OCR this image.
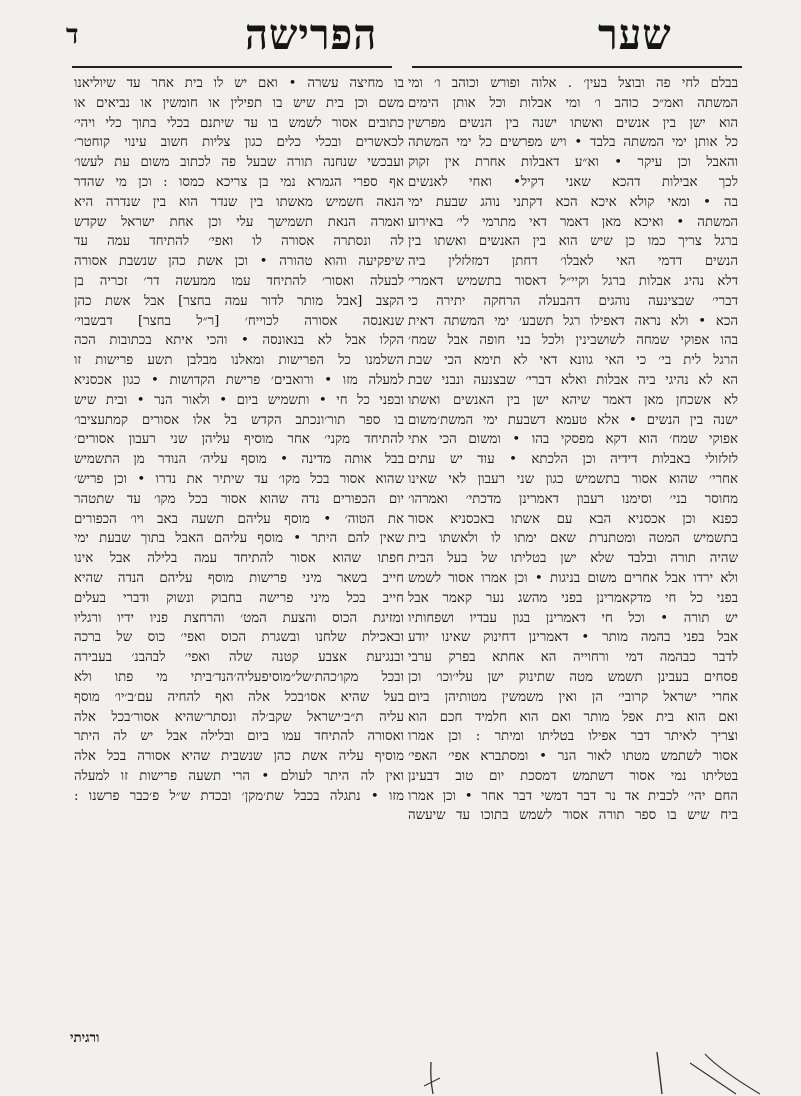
ד	הפרישה	שער
בו מחיצה עשרה • ואם יש לו בית אחר עד שיוליאנו
משם וכן בית שיש בו תפילין או חומשין או נביאים או
כתובים אסור לשמש בו עד שיתנם בכלי בתוך כלי ויהי׳
לכאשרים ובכלי כלים כגון צליות חשוב עינוי קוחטר׳
ועבכשי שנחנה תורה שבעל פה לכתוב משום עת לעשו׳
אף ספרי הגמרא נמי בן צריכא כמסו : וכן מי שהדר
הנאה חשמיש מאשתו בין שנדר הוא בין שנדרה היא
ואמרה הנאת תשמישך עלי וכן אחת ישראל שקדש
לה ונסתרה אסורה לו ואפי׳ להתיחד עמה עד
שיפקיעה והוא טהורה • וכן אשת כהן שנשבת אסורה
לבעלה ואסור׳ להתיחד עמו ממעשה דר׳ זכריה בן
הקצב [אבל מותר לדור עמה בחצר] אבל אשת כהן
שנאנסה אסורה לכוייח׳ [ר״ל בחצר] דבשבוי׳
הקלו אבל לא בנאונסה • והכי איתא בכתובות הכה
השלמנו כל הפרישות ומאלנו מבלבן תשע פרישות זו
למעלה מזו • ורואבים׳ פרישת הקדושות • כגון אכסניא
ובפני כל חי • ותשמיש ביום • ולאור הנר • ובית שיש
בו ספר תור׳ונכתב הקדש בל אלו אסורים קמתעציבו׳
להתיחד מקני׳ אחר מוסיף עליהן שני רעבון אסורים׳
בבל אותה מדינה • מוסף עליה׳ הנודר מן התשמיש
שהוא אסור בכל מקו׳ עד שיתיר את נדרו • וכן פריש׳
יום הכפורים נדה שהוא אסור בכל מקו׳ עד שתטהר
את הטוה׳ • מוסף עליהם תשעה באב ויו׳ הכפורים
שאין להם היתר • מוסף עליהם האבל בתוך שבעת ימי
חפתו שהוא אסור להתיחד עמה בלילה אבל אינו
חייב בשאר מיני פרישות מוסף עליהם הנדה שהיא
חייב בכל מיני פרישה בחבוק ונשוק ודברי בעלים
ומזיגת הכוס והצעת המט׳ והרחצת פניו ידיו ורגליו
ובאכילת שלחנו ובשגרת הכוס ואפי׳ כוס של ברכה
ובנגיעת אצבע קטנה שלה ואפי׳ לבהבנ׳ בעבירה
ובכל מקו׳כהת׳של״מוסיפעליה׳הנד׳ביתי מי פתו ולא
בעל שהיא אסו׳בכל אלה ואף להחיה עם׳ב׳יו׳ מוסף
עליה ת״ב׳ישראל שקב׳לה ונסתר׳שהיא אסור׳בכל אלה
ואסורה להתיחד עמו ביום ובלילה אבל יש לה היתר
מוסיף עליה אשת כהן שנשבית שהיא אסורה בכל אלה
ואין לה היתר לעולם • הרי תשעה פרישות זו למעלה
מזו • נתגלה בכבל שת׳מקן׳ ובכדת ש״ל פ׳כבר פרשנו :
בבלם לחי פה ובוצל בעין׳ . אלוה ופורש וכוהב ו׳ ומי
המשתה ואמ״כ כוהב ו׳ ומי אבלות וכל אותן הימים
הוא ישן בין אנשים ואשתו ישנה בין הנשים מפרשין
כל אותן ימי המשתה בלבד • ויש מפרשים כל ימי המשתה
והאבל וכן עיקר • וא״ע דאבלות אחרת אין זקוק
לכך אבילות דהכא שאני דקיל• ואחי לאנשים
בה • ומאי קולא איכא הכא דקתני נוהג שבעת ימי
המשתה • ואיכא מאן דאמר דאי מתרמי לי׳ באירוע
ברגל צריך כמו כן שיש הוא בין האנשים ואשתו בין
הנשים דדמי האי לאבלו׳ דחתן דמזלזלין ביה
דלא נהיג אבלות ברגל וקיי״ל דאסור בתשמיש דאמרי׳
דברי׳ שבצינעה נוהגים דהבעלה הרחקה יתירה כי
הכא • ולא נראה דאפילו רגל תשבע׳ ימי המשתה דאית
בהו אפוקי שמחה לשושבינין ולכל בני חופה אבל שמח׳
הרגל לית בי׳ כי האי גוונא דאי לא תימא הכי שבת
הא לא נהיגי ביה אבלות ואלא דברי׳ שבצנעה ונבני שבת
לא אשכחן מאן דאמר שיהא ישן בין האנשים ואשתו
ישנה בין הנשים • אלא טעמא דשבעת ימי המשת׳משום
אפוקי שמח׳ הוא דקא מפסקי בהו • ומשום הכי אתי
לזלזולי באבלות דידיה וכן הלכתא • עוד יש עתים
אחרי׳ שהוא אסור בתשמיש כגון שני רעבון לאי שאינו
מחוסר בני׳ וסימנו רעבון דאמרינן מדכתי׳ ואמרהו׳
כפנא וכן אכסניא הבא עם אשתו באכסניא אסור
בתשמיש המטה ומטתנרת שאם ימתו לו ולאשתו בית
שהיה תורה ובלבד שלא ישן בטליתו של בעל הבית
ולא ירדו אבל אחרים משום בניגות • וכן אמרו אסור לשמש
בפני כל חי מדקאמרינן בפני מהשג נער קאמר אבל
יש תורה • וכל חי דאמרינן בגון עבדיו ושפחותיו
אבל בפני בהמה מותר • דאמרינן דחינוק שאינו יודע
לדבר כבהמה דמי ורחוייה הא אחתא בפרק ערבי
פסחים בעבינן תשמש מטה שתינוק ישן עלי׳וכו׳ וכן
אחרי ישראל קרובי׳ הן ואין משמשין מטותיהן ביום
ואם הוא בית אפל מותר ואם הוא חלמיד חכם הוא
וצריך לאיתר דבר אפילו בטליתו ומיתר : וכן אמרו
אסור לשתמש מטתו לאור הנר • ומסתברא אפי׳ האפי׳
בטליתו נמי אסור דשתמש דמסכת יום טוב דבעינן
החם יהי׳ לכבית אד נר דבר דמשי דבר אחר • וכן אמרו
ביח שיש בו ספר תורה אסור לשמש בתוכו עד שיעשה
ורגיתי
